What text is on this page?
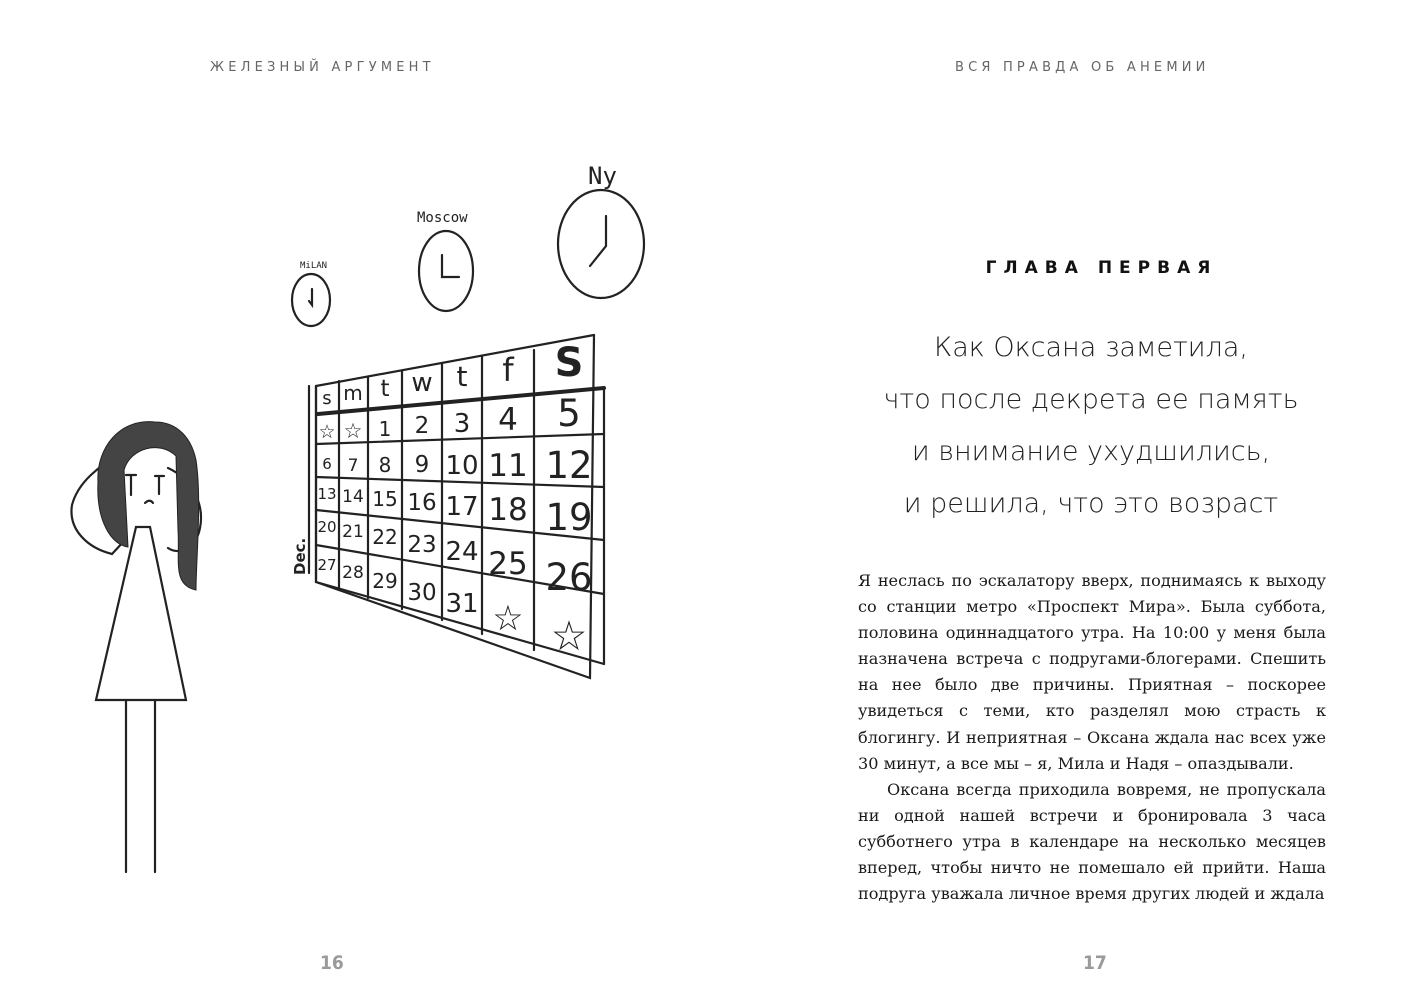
ЖЕЛЕЗНЫЙ АРГУМЕНТ
MiLAN
Moscow
Ny
s m t w t f S
☆ ☆ 1 2 3 4 5
6 7 8 9 10 11 12
13 14 15 16 17 18 19
20 21 22 23 24 25 26
27 28 29 30 31 ☆ ☆
Dec.
16
ВСЯ ПРАВДА ОБ АНЕМИИ
ГЛАВА ПЕРВАЯ
Как Оксана заметила,
что после декрета ее память
и внимание ухудшились,
и решила, что это возраст

Я неслась по эскалатору вверх, поднимаясь к выходу со станции метро «Проспект Мира». Была суббота, половина одиннадцатого утра. На 10:00 у меня была назначена встреча с подругами-блогерами. Спешить на нее было две причины. Приятная – поскорее увидеться с теми, кто разделял мою страсть к блогингу. И неприятная – Оксана ждала нас всех уже 30 минут, а все мы – я, Мила и Надя – опаздывали.

Оксана всегда приходила вовремя, не пропускала ни одной нашей встречи и бронировала 3 часа субботнего утра в календаре на несколько месяцев вперед, чтобы ничто не помешало ей прийти. Наша подруга уважала личное время других людей и ждала

17
